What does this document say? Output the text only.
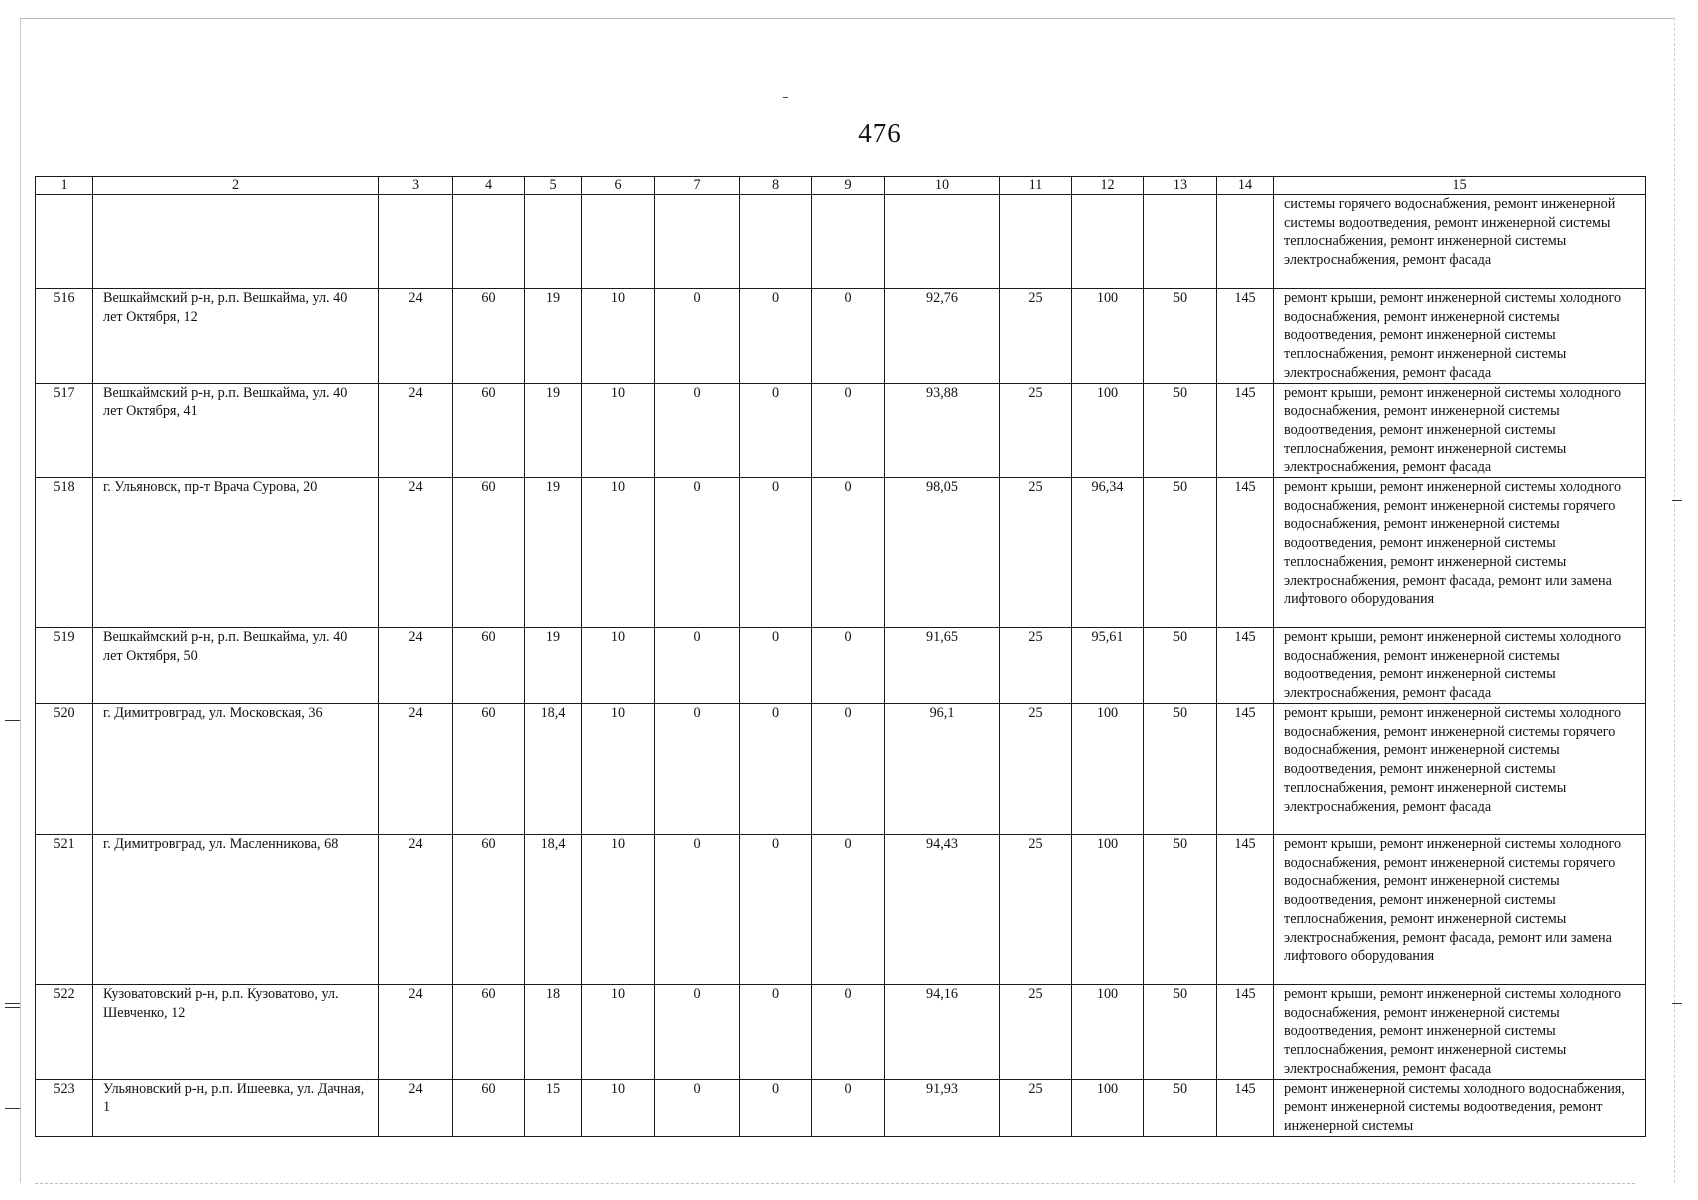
476
1	2	3	4	5	6	7	8	9	10	11	12	13	14	15
														системы горячего водоснабжения, ремонт инженерной системы водоотведения, ремонт инженерной системы теплоснабжения, ремонт инженерной системы электроснабжения, ремонт фасада
516	Вешкаймский р-н, р.п. Вешкайма, ул. 40 лет Октября, 12	24	60	19	10	0	0	0	92,76	25	100	50	145	ремонт крыши, ремонт инженерной системы холодного водоснабжения, ремонт инженерной системы водоотведения, ремонт инженерной системы теплоснабжения, ремонт инженерной системы электроснабжения, ремонт фасада
517	Вешкаймский р-н, р.п. Вешкайма, ул. 40 лет Октября, 41	24	60	19	10	0	0	0	93,88	25	100	50	145	ремонт крыши, ремонт инженерной системы холодного водоснабжения, ремонт инженерной системы водоотведения, ремонт инженерной системы теплоснабжения, ремонт инженерной системы электроснабжения, ремонт фасада
518	г. Ульяновск, пр-т Врача Сурова, 20	24	60	19	10	0	0	0	98,05	25	96,34	50	145	ремонт крыши, ремонт инженерной системы холодного водоснабжения, ремонт инженерной системы горячего водоснабжения, ремонт инженерной системы водоотведения, ремонт инженерной системы теплоснабжения, ремонт инженерной системы электроснабжения, ремонт фасада, ремонт или замена лифтового оборудования
519	Вешкаймский р-н, р.п. Вешкайма, ул. 40 лет Октября, 50	24	60	19	10	0	0	0	91,65	25	95,61	50	145	ремонт крыши, ремонт инженерной системы холодного водоснабжения, ремонт инженерной системы водоотведения, ремонт инженерной системы электроснабжения, ремонт фасада
520	г. Димитровград, ул. Московская, 36	24	60	18,4	10	0	0	0	96,1	25	100	50	145	ремонт крыши, ремонт инженерной системы холодного водоснабжения, ремонт инженерной системы горячего водоснабжения, ремонт инженерной системы водоотведения, ремонт инженерной системы теплоснабжения, ремонт инженерной системы электроснабжения, ремонт фасада
521	г. Димитровград, ул. Масленникова, 68	24	60	18,4	10	0	0	0	94,43	25	100	50	145	ремонт крыши, ремонт инженерной системы холодного водоснабжения, ремонт инженерной системы горячего водоснабжения, ремонт инженерной системы водоотведения, ремонт инженерной системы теплоснабжения, ремонт инженерной системы электроснабжения, ремонт фасада, ремонт или замена лифтового оборудования
522	Кузоватовский р-н, р.п. Кузоватово, ул. Шевченко, 12	24	60	18	10	0	0	0	94,16	25	100	50	145	ремонт крыши, ремонт инженерной системы холодного водоснабжения, ремонт инженерной системы водоотведения, ремонт инженерной системы теплоснабжения, ремонт инженерной системы электроснабжения, ремонт фасада
523	Ульяновский р-н, р.п. Ишеевка, ул. Дачная, 1	24	60	15	10	0	0	0	91,93	25	100	50	145	ремонт инженерной системы холодного водоснабжения, ремонт инженерной системы водоотведения, ремонт инженерной системы
